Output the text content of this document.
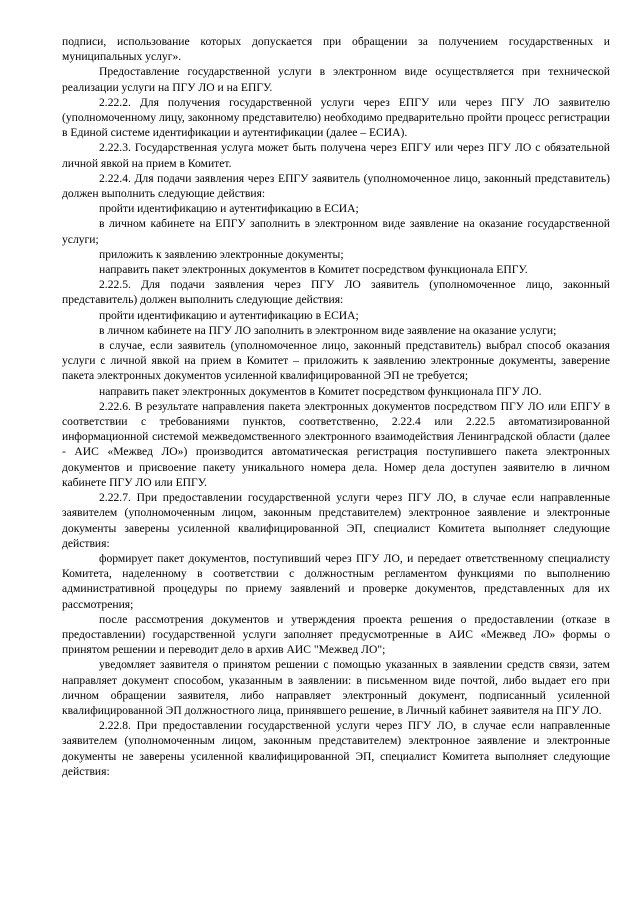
подписи, использование которых допускается при обращении за получением государственных и муниципальных услуг».

Предоставление государственной услуги в электронном виде осуществляется при технической реализации услуги на ПГУ ЛО и на ЕПГУ.

2.22.2. Для получения государственной услуги через ЕПГУ или через ПГУ ЛО заявителю (уполномоченному лицу, законному представителю) необходимо предварительно пройти процесс регистрации в Единой системе идентификации и аутентификации (далее – ЕСИА).

2.22.3. Государственная услуга может быть получена через ЕПГУ или через ПГУ ЛО с обязательной личной явкой на прием в Комитет.

2.22.4. Для подачи заявления через ЕПГУ заявитель (уполномоченное лицо, законный представитель) должен выполнить следующие действия:

пройти идентификацию и аутентификацию в ЕСИА;

в личном кабинете на ЕПГУ заполнить в электронном виде заявление на оказание государственной услуги;

приложить к заявлению электронные документы;

направить пакет электронных документов в Комитет посредством функционала ЕПГУ.

2.22.5. Для подачи заявления через ПГУ ЛО заявитель (уполномоченное лицо, законный представитель) должен выполнить следующие действия:

пройти идентификацию и аутентификацию в ЕСИА;

в личном кабинете на ПГУ ЛО заполнить в электронном виде заявление на оказание услуги;

в случае, если заявитель (уполномоченное лицо, законный представитель) выбрал способ оказания услуги с личной явкой на прием в Комитет – приложить к заявлению электронные документы, заверение пакета электронных документов усиленной квалифицированной ЭП не требуется;

направить пакет электронных документов в Комитет посредством функционала ПГУ ЛО.

2.22.6. В результате направления пакета электронных документов посредством ПГУ ЛО или ЕПГУ в соответствии с требованиями пунктов, соответственно, 2.22.4 или 2.22.5 автоматизированной информационной системой межведомственного электронного взаимодействия Ленинградской области (далее - АИС «Межвед ЛО») производится автоматическая регистрация поступившего пакета электронных документов и присвоение пакету уникального номера дела. Номер дела доступен заявителю в личном кабинете ПГУ ЛО или ЕПГУ.

2.22.7. При предоставлении государственной услуги через ПГУ ЛО, в случае если направленные заявителем (уполномоченным лицом, законным представителем) электронное заявление и электронные документы заверены усиленной квалифицированной ЭП, специалист Комитета выполняет следующие действия:

формирует пакет документов, поступивший через ПГУ ЛО, и передает ответственному специалисту Комитета, наделенному в соответствии с должностным регламентом функциями по выполнению административной процедуры по приему заявлений и проверке документов, представленных для их рассмотрения;

после рассмотрения документов и утверждения проекта решения о предоставлении (отказе в предоставлении) государственной услуги заполняет предусмотренные в АИС «Межвед ЛО» формы о принятом решении и переводит дело в архив АИС "Межвед ЛО";

уведомляет заявителя о принятом решении с помощью указанных в заявлении средств связи, затем направляет документ способом, указанным в заявлении: в письменном виде почтой, либо выдает его при личном обращении заявителя, либо направляет электронный документ, подписанный усиленной квалифицированной ЭП должностного лица, принявшего решение, в Личный кабинет заявителя на ПГУ ЛО.

2.22.8. При предоставлении государственной услуги через ПГУ ЛО, в случае если направленные заявителем (уполномоченным лицом, законным представителем) электронное заявление и электронные документы не заверены усиленной квалифицированной ЭП, специалист Комитета выполняет следующие действия:
